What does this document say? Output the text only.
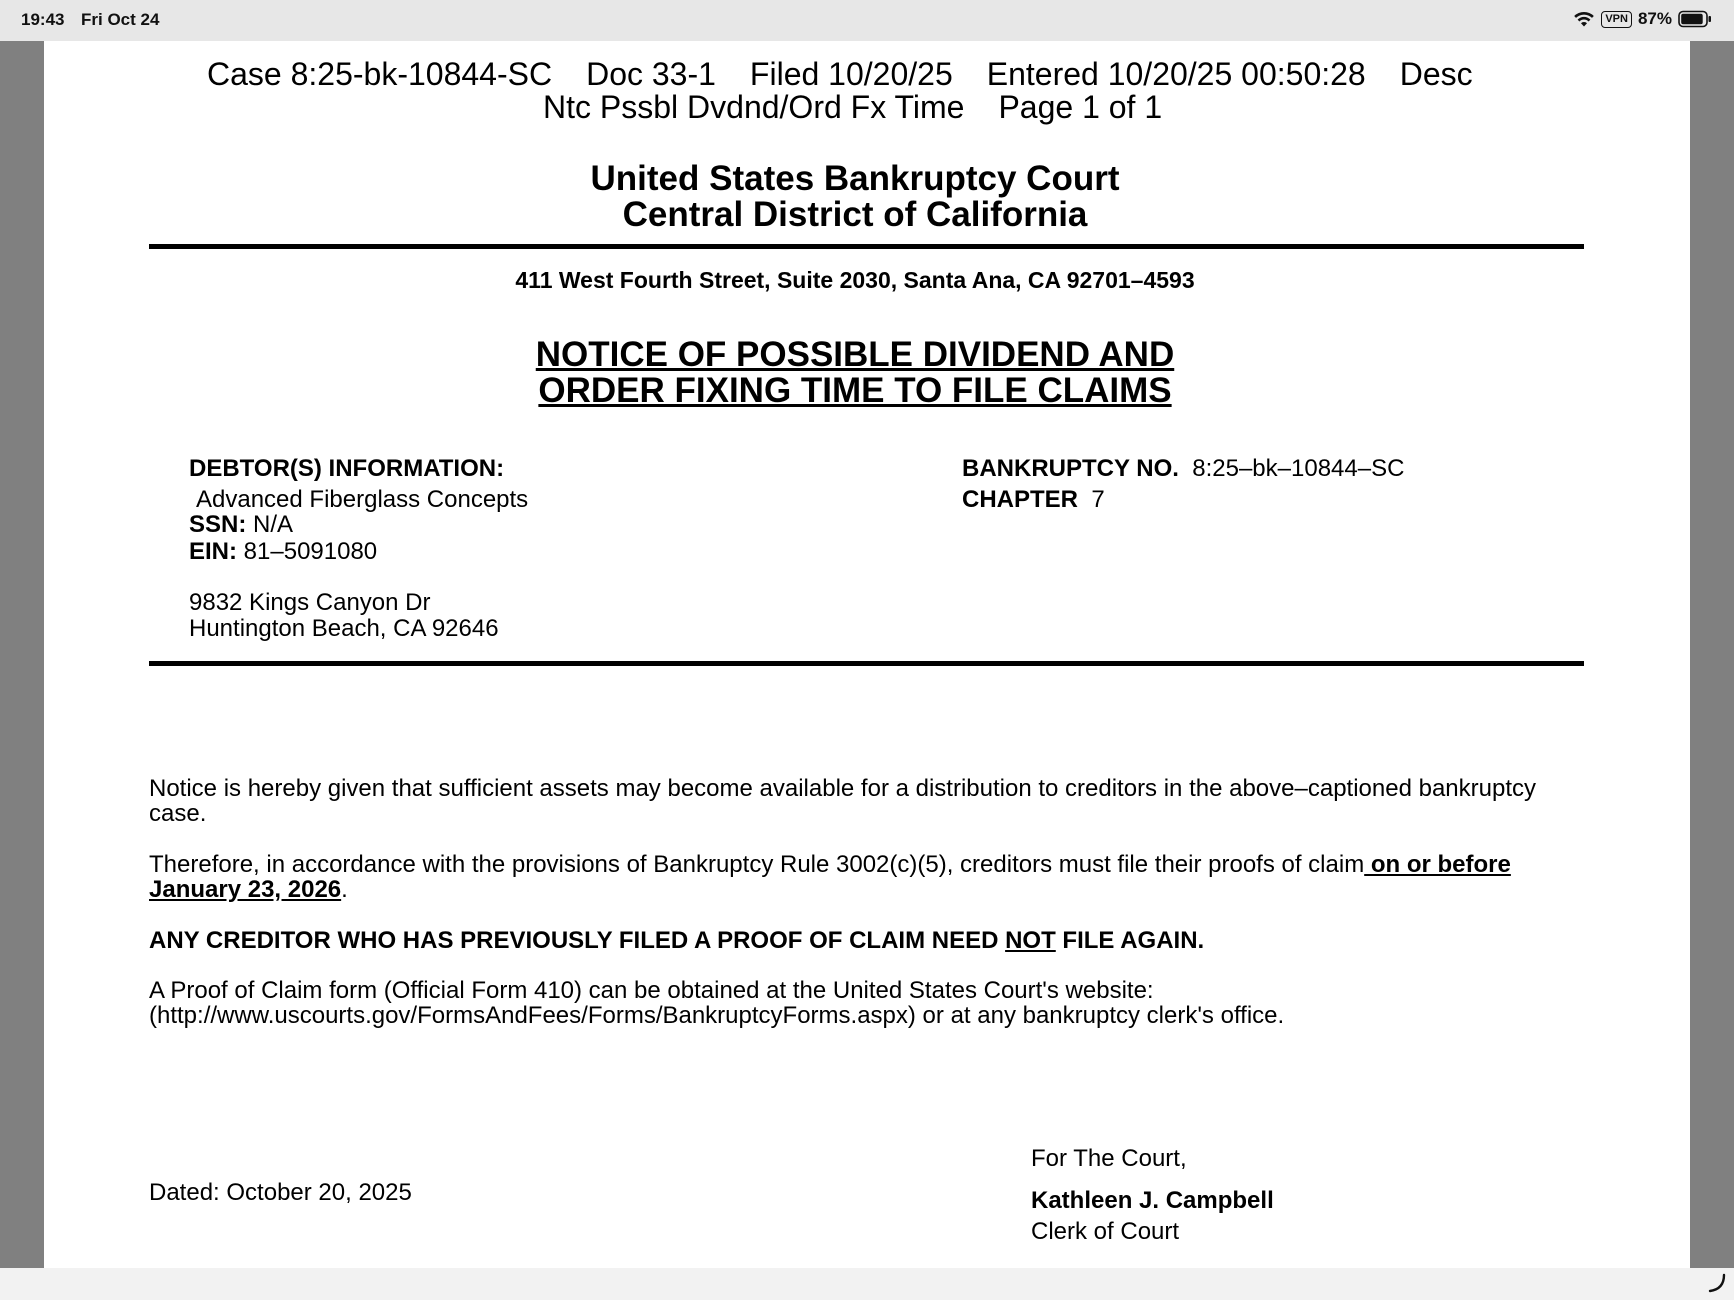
19:43 Fri Oct 24	VPN 87%
Case 8:25-bk-10844-SC Doc 33-1 Filed 10/20/25 Entered 10/20/25 00:50:28 Desc
Ntc Pssbl Dvdnd/Ord Fx Time Page 1 of 1
United States Bankruptcy Court
Central District of California
411 West Fourth Street, Suite 2030, Santa Ana, CA 92701–4593
NOTICE OF POSSIBLE DIVIDEND AND
ORDER FIXING TIME TO FILE CLAIMS
DEBTOR(S) INFORMATION:
Advanced Fiberglass Concepts
SSN: N/A
EIN: 81–5091080
9832 Kings Canyon Dr
Huntington Beach, CA 92646
BANKRUPTCY NO. 8:25–bk–10844–SC
CHAPTER 7
Notice is hereby given that sufficient assets may become available for a distribution to creditors in the above–captioned bankruptcy case.
Therefore, in accordance with the provisions of Bankruptcy Rule 3002(c)(5), creditors must file their proofs of claim on or before January 23, 2026.
ANY CREDITOR WHO HAS PREVIOUSLY FILED A PROOF OF CLAIM NEED NOT FILE AGAIN.
A Proof of Claim form (Official Form 410) can be obtained at the United States Court's website:
(http://www.uscourts.gov/FormsAndFees/Forms/BankruptcyForms.aspx) or at any bankruptcy clerk's office.
Dated: October 20, 2025
For The Court,
Kathleen J. Campbell
Clerk of Court
